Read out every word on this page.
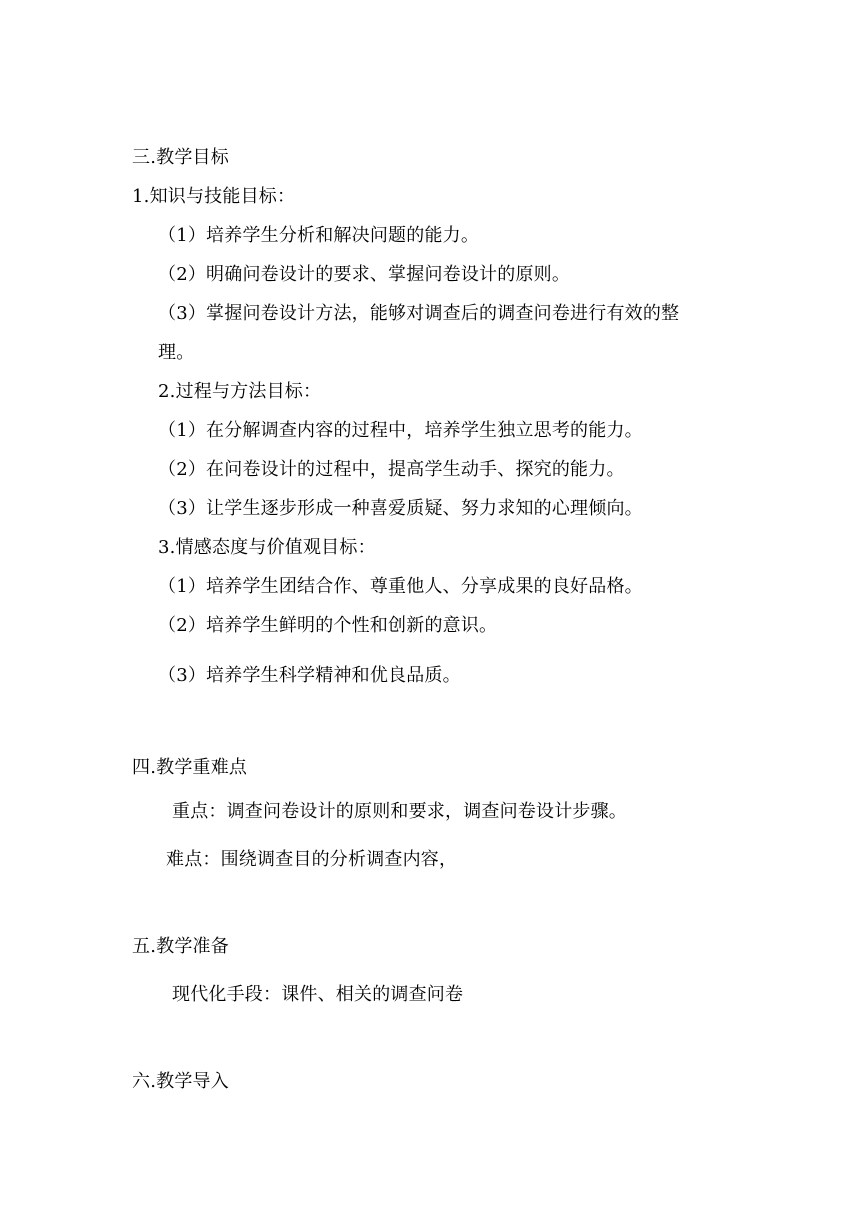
三.教学目标
1.知识与技能目标：
（1）培养学生分析和解决问题的能力。
（2）明确问卷设计的要求、掌握问卷设计的原则。
（3）掌握问卷设计方法，能够对调查后的调查问卷进行有效的整
理。
2.过程与方法目标：
（1）在分解调查内容的过程中，培养学生独立思考的能力。
（2）在问卷设计的过程中，提高学生动手、探究的能力。
（3）让学生逐步形成一种喜爱质疑、努力求知的心理倾向。
3.情感态度与价值观目标：
（1）培养学生团结合作、尊重他人、分享成果的良好品格。
（2）培养学生鲜明的个性和创新的意识。
（3）培养学生科学精神和优良品质。
四.教学重难点
重点：调查问卷设计的原则和要求，调查问卷设计步骤。
难点：围绕调查目的分析调查内容，
五.教学准备
现代化手段：课件、相关的调查问卷
六.教学导入
